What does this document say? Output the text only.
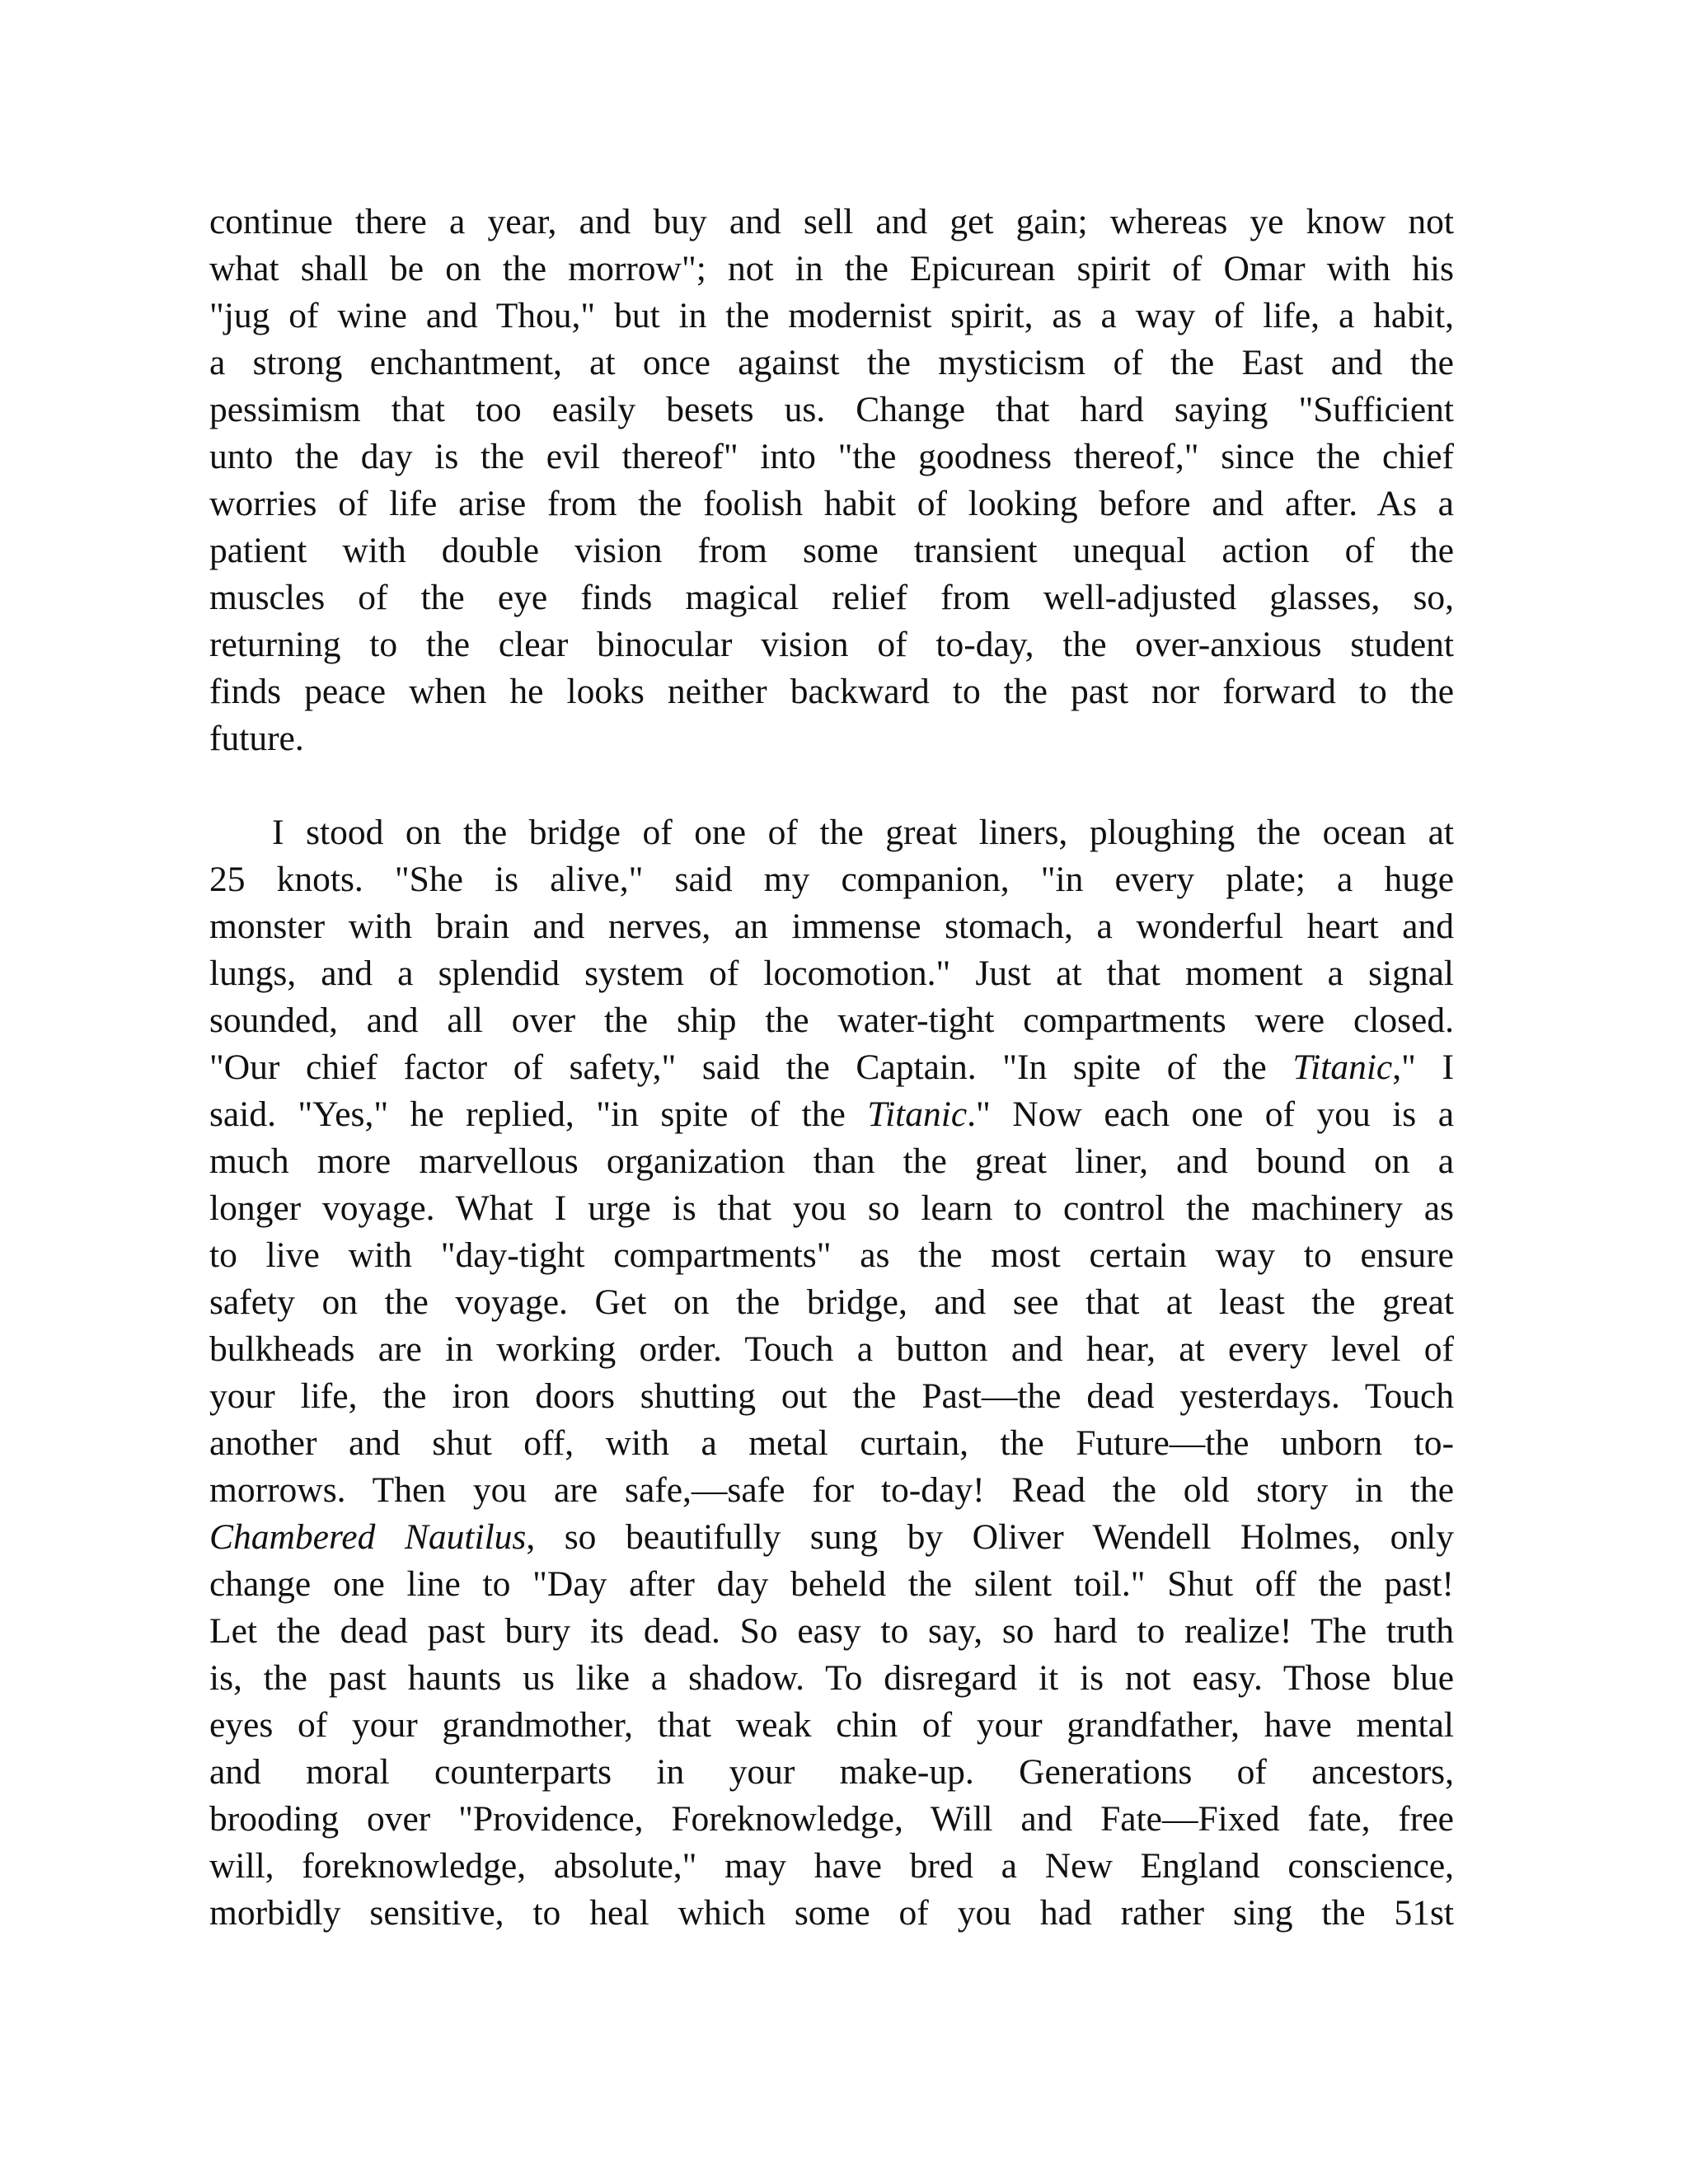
continue there a year, and buy and sell and get gain; whereas ye know not
what shall be on the morrow"; not in the Epicurean spirit of Omar with his
"jug of wine and Thou," but in the modernist spirit, as a way of life, a habit,
a strong enchantment, at once against the mysticism of the East and the
pessimism that too easily besets us. Change that hard saying "Sufficient
unto the day is the evil thereof" into "the goodness thereof," since the chief
worries of life arise from the foolish habit of looking before and after. As a
patient with double vision from some transient unequal action of the
muscles of the eye finds magical relief from well-adjusted glasses, so,
returning to the clear binocular vision of to-day, the over-anxious student
finds peace when he looks neither backward to the past nor forward to the
future.

I stood on the bridge of one of the great liners, ploughing the ocean at
25 knots. "She is alive," said my companion, "in every plate; a huge
monster with brain and nerves, an immense stomach, a wonderful heart and
lungs, and a splendid system of locomotion." Just at that moment a signal
sounded, and all over the ship the water-tight compartments were closed.
"Our chief factor of safety," said the Captain. "In spite of the Titanic," I
said. "Yes," he replied, "in spite of the Titanic." Now each one of you is a
much more marvellous organization than the great liner, and bound on a
longer voyage. What I urge is that you so learn to control the machinery as
to live with "day-tight compartments" as the most certain way to ensure
safety on the voyage. Get on the bridge, and see that at least the great
bulkheads are in working order. Touch a button and hear, at every level of
your life, the iron doors shutting out the Past—the dead yesterdays. Touch
another and shut off, with a metal curtain, the Future—the unborn to-
morrows. Then you are safe,—safe for to-day! Read the old story in the
Chambered Nautilus, so beautifully sung by Oliver Wendell Holmes, only
change one line to "Day after day beheld the silent toil." Shut off the past!
Let the dead past bury its dead. So easy to say, so hard to realize! The truth
is, the past haunts us like a shadow. To disregard it is not easy. Those blue
eyes of your grandmother, that weak chin of your grandfather, have mental
and moral counterparts in your make-up. Generations of ancestors,
brooding over "Providence, Foreknowledge, Will and Fate—Fixed fate, free
will, foreknowledge, absolute," may have bred a New England conscience,
morbidly sensitive, to heal which some of you had rather sing the 51st
